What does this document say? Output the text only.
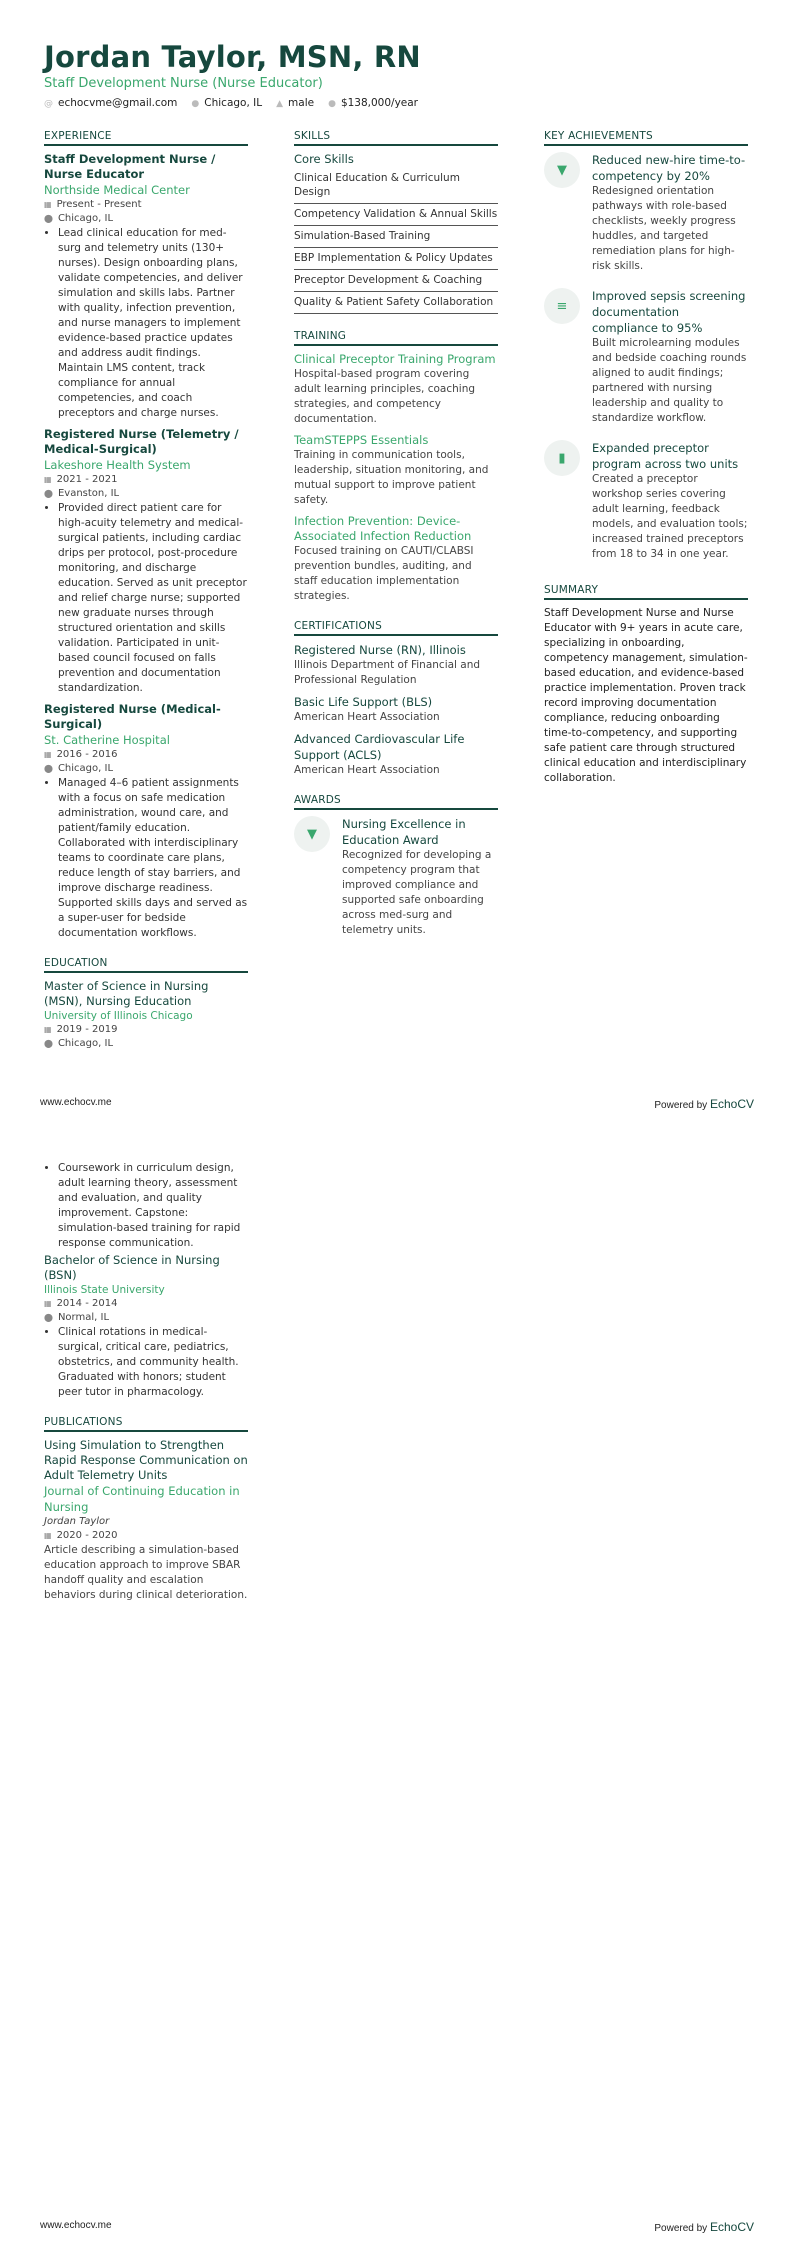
Jordan Taylor, MSN, RN
Staff Development Nurse (Nurse Educator)
@ echocvme@gmail.com ● Chicago, IL ▲ male ● $138,000/year
EXPERIENCE
Staff Development Nurse / Nurse Educator
Northside Medical Center
▦ Present - Present
⬤ Chicago, IL
• Lead clinical education for med-surg and telemetry units (130+ nurses). Design onboarding plans, validate competencies, and deliver simulation and skills labs. Partner with quality, infection prevention, and nurse managers to implement evidence-based practice updates and address audit findings. Maintain LMS content, track compliance for annual competencies, and coach preceptors and charge nurses.
Registered Nurse (Telemetry / Medical-Surgical)
Lakeshore Health System
▦ 2021 - 2021
⬤ Evanston, IL
• Provided direct patient care for high-acuity telemetry and medical-surgical patients, including cardiac drips per protocol, post-procedure monitoring, and discharge education. Served as unit preceptor and relief charge nurse; supported new graduate nurses through structured orientation and skills validation. Participated in unit-based council focused on falls prevention and documentation standardization.
Registered Nurse (Medical-Surgical)
St. Catherine Hospital
▦ 2016 - 2016
⬤ Chicago, IL
• Managed 4–6 patient assignments with a focus on safe medication administration, wound care, and patient/family education. Collaborated with interdisciplinary teams to coordinate care plans, reduce length of stay barriers, and improve discharge readiness. Supported skills days and served as a super-user for bedside documentation workflows.
EDUCATION
Master of Science in Nursing (MSN), Nursing Education
University of Illinois Chicago
▦ 2019 - 2019
⬤ Chicago, IL
SKILLS
Core Skills
Clinical Education & Curriculum Design
Competency Validation & Annual Skills
Simulation-Based Training
EBP Implementation & Policy Updates
Preceptor Development & Coaching
Quality & Patient Safety Collaboration
TRAINING
Clinical Preceptor Training Program
Hospital-based program covering adult learning principles, coaching strategies, and competency documentation.
TeamSTEPPS Essentials
Training in communication tools, leadership, situation monitoring, and mutual support to improve patient safety.
Infection Prevention: Device-Associated Infection Reduction
Focused training on CAUTI/CLABSI prevention bundles, auditing, and staff education implementation strategies.
CERTIFICATIONS
Registered Nurse (RN), Illinois
Illinois Department of Financial and Professional Regulation
Basic Life Support (BLS)
American Heart Association
Advanced Cardiovascular Life Support (ACLS)
American Heart Association
AWARDS
▼
Nursing Excellence in Education Award
Recognized for developing a competency program that improved compliance and supported safe onboarding across med-surg and telemetry units.
KEY ACHIEVEMENTS
▼
Reduced new-hire time-to-competency by 20%
Redesigned orientation pathways with role-based checklists, weekly progress huddles, and targeted remediation plans for high-risk skills.
≡
Improved sepsis screening documentation compliance to 95%
Built microlearning modules and bedside coaching rounds aligned to audit findings; partnered with nursing leadership and quality to standardize workflow.
▮
Expanded preceptor program across two units
Created a preceptor workshop series covering adult learning, feedback models, and evaluation tools; increased trained preceptors from 18 to 34 in one year.
SUMMARY
Staff Development Nurse and Nurse Educator with 9+ years in acute care, specializing in onboarding, competency management, simulation-based education, and evidence-based practice implementation. Proven track record improving documentation compliance, reducing onboarding time-to-competency, and supporting safe patient care through structured clinical education and interdisciplinary collaboration.
www.echocv.me	Powered by EchoCV
• Coursework in curriculum design, adult learning theory, assessment and evaluation, and quality improvement. Capstone: simulation-based training for rapid response communication.
Bachelor of Science in Nursing (BSN)
Illinois State University
▦ 2014 - 2014
⬤ Normal, IL
• Clinical rotations in medical-surgical, critical care, pediatrics, obstetrics, and community health. Graduated with honors; student peer tutor in pharmacology.
PUBLICATIONS
Using Simulation to Strengthen Rapid Response Communication on Adult Telemetry Units
Journal of Continuing Education in Nursing
Jordan Taylor
▦ 2020 - 2020
Article describing a simulation-based education approach to improve SBAR handoff quality and escalation behaviors during clinical deterioration.
www.echocv.me	Powered by EchoCV
